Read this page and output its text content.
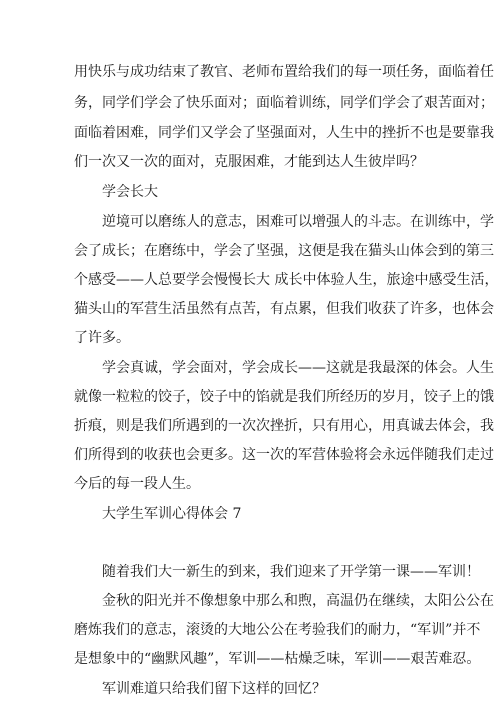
用快乐与成功结束了教官、老师布置给我们的每一项任务，面临着任
务，同学们学会了快乐面对；面临着训练，同学们学会了艰苦面对；
面临着困难，同学们又学会了坚强面对，人生中的挫折不也是要靠我
们一次又一次的面对，克服困难，才能到达人生彼岸吗？
学会长大
逆境可以磨练人的意志，困难可以增强人的斗志。在训练中，学
会了成长；在磨练中，学会了坚强，这便是我在猫头山体会到的第三
个感受——人总要学会慢慢长大 成长中体验人生，旅途中感受生活，
猫头山的军营生活虽然有点苦，有点累，但我们收获了许多，也体会
了许多。
学会真诚，学会面对，学会成长——这就是我最深的体会。人生
就像一粒粒的饺子，饺子中的馅就是我们所经历的岁月，饺子上的饿
折痕，则是我们所遇到的一次次挫折，只有用心，用真诚去体会，我
们所得到的收获也会更多。这一次的军营体验将会永远伴随我们走过
今后的每一段人生。
大学生军训心得体会 7
随着我们大一新生的到来，我们迎来了开学第一课——军训！
金秋的阳光并不像想象中那么和煦，高温仍在继续，太阳公公在
磨炼我们的意志，滚烫的大地公公在考验我们的耐力，“军训”并不
是想象中的“幽默风趣”，军训——枯燥乏味，军训——艰苦难忍。
军训难道只给我们留下这样的回忆？
